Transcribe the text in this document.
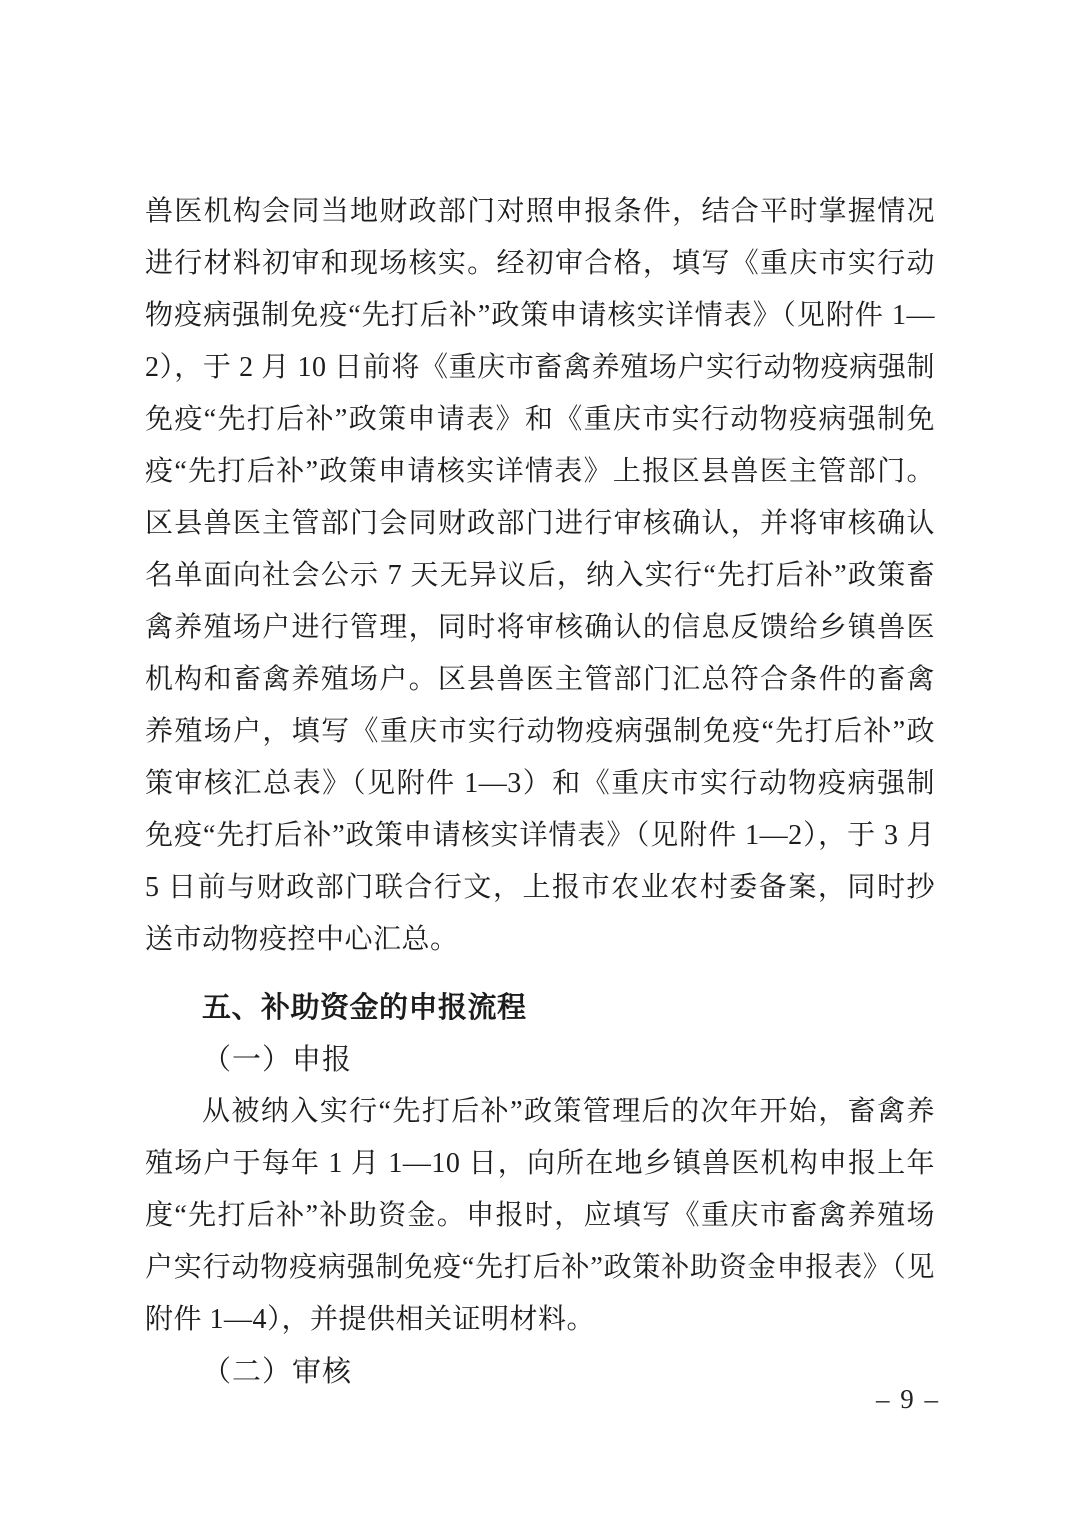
兽医机构会同当地财政部门对照申报条件，结合平时掌握情况进行材料初审和现场核实。经初审合格，填写《重庆市实行动物疫病强制免疫“先打后补”政策申请核实详情表》（见附件 1—2），于 2 月 10 日前将《重庆市畜禽养殖场户实行动物疫病强制免疫“先打后补”政策申请表》和《重庆市实行动物疫病强制免疫“先打后补”政策申请核实详情表》上报区县兽医主管部门。区县兽医主管部门会同财政部门进行审核确认，并将审核确认名单面向社会公示 7 天无异议后，纳入实行“先打后补”政策畜禽养殖场户进行管理，同时将审核确认的信息反馈给乡镇兽医机构和畜禽养殖场户。区县兽医主管部门汇总符合条件的畜禽养殖场户，填写《重庆市实行动物疫病强制免疫“先打后补”政策审核汇总表》（见附件 1—3）和《重庆市实行动物疫病强制免疫“先打后补”政策申请核实详情表》（见附件 1—2），于 3 月 5 日前与财政部门联合行文，上报市农业农村委备案，同时抄送市动物疫控中心汇总。

五、补助资金的申报流程

（一）申报

从被纳入实行“先打后补”政策管理后的次年开始，畜禽养殖场户于每年 1 月 1—10 日，向所在地乡镇兽医机构申报上年度“先打后补”补助资金。申报时，应填写《重庆市畜禽养殖场户实行动物疫病强制免疫“先打后补”政策补助资金申报表》（见附件 1—4），并提供相关证明材料。

（二）审核

– 9 –
